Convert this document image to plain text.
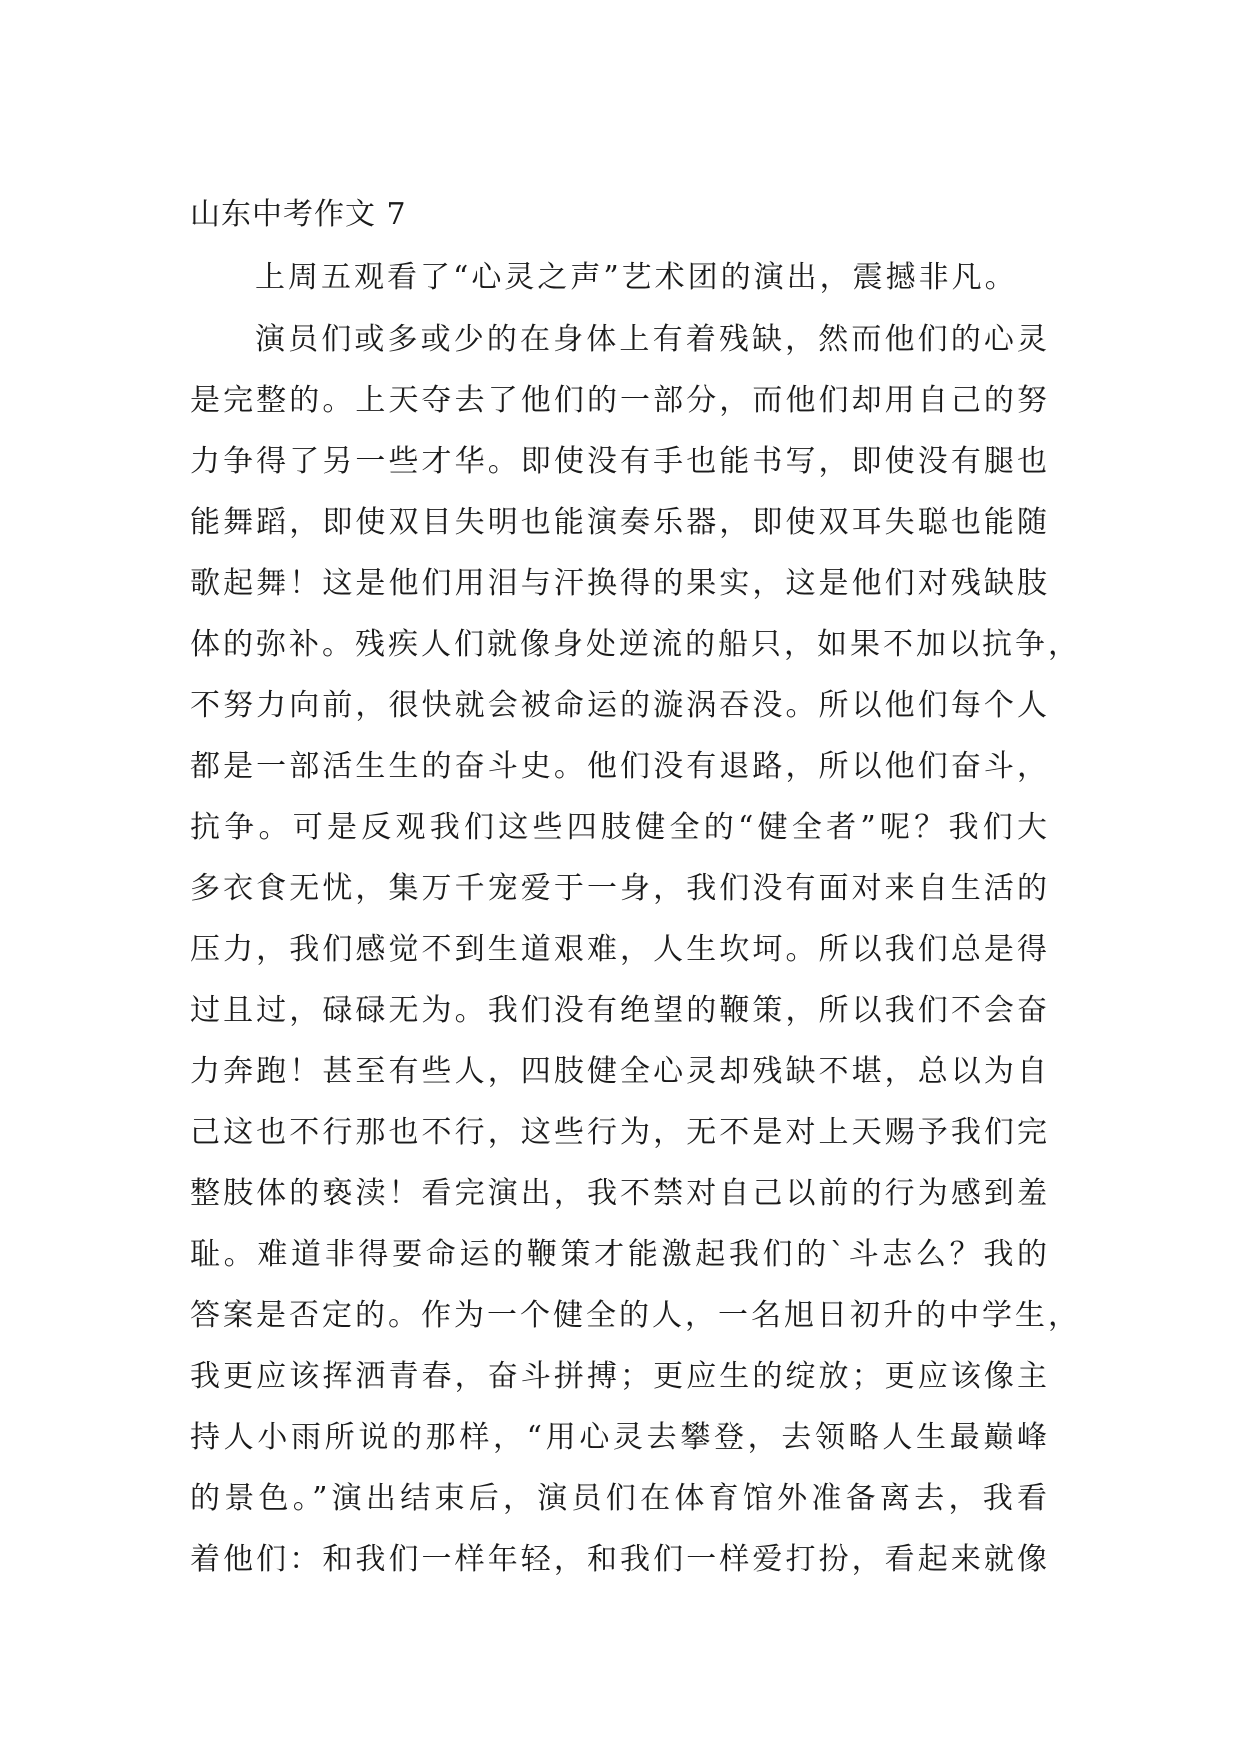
山东中考作文 7
上周五观看了“心灵之声”艺术团的演出，震撼非凡。
演员们或多或少的在身体上有着残缺，然而他们的心灵
是完整的。上天夺去了他们的一部分，而他们却用自己的努
力争得了另一些才华。即使没有手也能书写，即使没有腿也
能舞蹈，即使双目失明也能演奏乐器，即使双耳失聪也能随
歌起舞！这是他们用泪与汗换得的果实，这是他们对残缺肢
体的弥补。残疾人们就像身处逆流的船只，如果不加以抗争，
不努力向前，很快就会被命运的漩涡吞没。所以他们每个人
都是一部活生生的奋斗史。他们没有退路，所以他们奋斗，
抗争。可是反观我们这些四肢健全的“健全者”呢？我们大
多衣食无忧，集万千宠爱于一身，我们没有面对来自生活的
压力，我们感觉不到生道艰难，人生坎坷。所以我们总是得
过且过，碌碌无为。我们没有绝望的鞭策，所以我们不会奋
力奔跑！甚至有些人，四肢健全心灵却残缺不堪，总以为自
己这也不行那也不行，这些行为，无不是对上天赐予我们完
整肢体的亵渎！看完演出，我不禁对自己以前的行为感到羞
耻。难道非得要命运的鞭策才能激起我们的`斗志么？我的
答案是否定的。作为一个健全的人，一名旭日初升的中学生，
我更应该挥洒青春，奋斗拼搏；更应生的绽放；更应该像主
持人小雨所说的那样，“用心灵去攀登，去领略人生最巅峰
的景色。”演出结束后，演员们在体育馆外准备离去，我看
着他们：和我们一样年轻，和我们一样爱打扮，看起来就像
